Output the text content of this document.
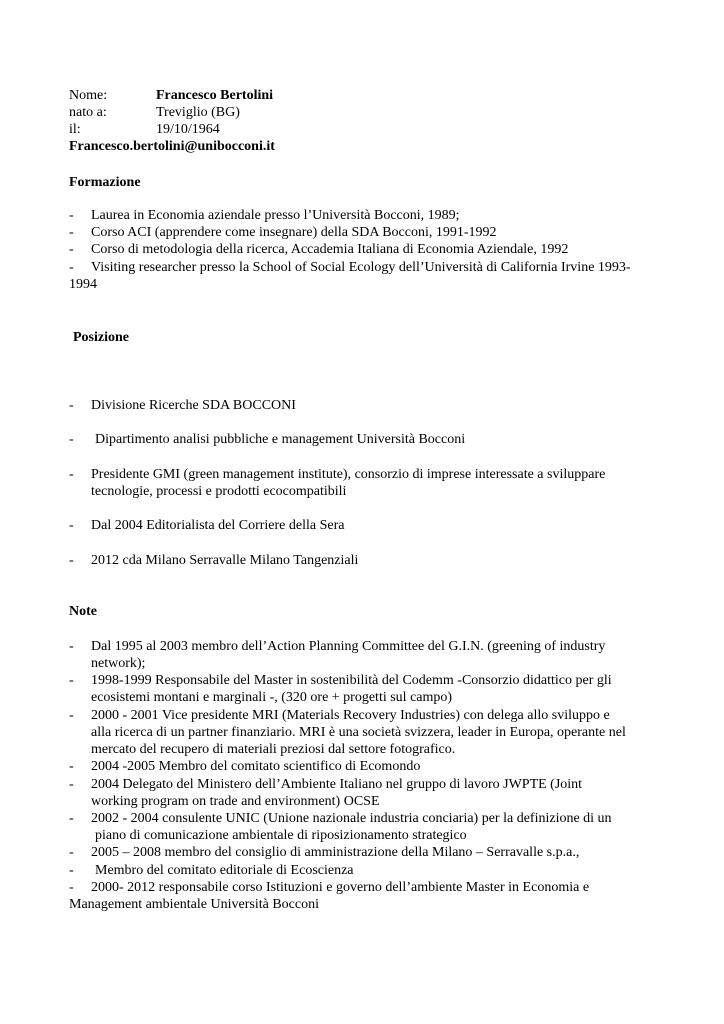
Nome:	Francesco Bertolini
nato a:	Treviglio (BG)
il:	19/10/1964
Francesco.bertolini@unibocconi.it
Formazione
- Laurea in Economia aziendale presso l’Università Bocconi, 1989;
- Corso ACI (apprendere come insegnare) della SDA Bocconi, 1991-1992
- Corso di metodologia della ricerca, Accademia Italiana di Economia Aziendale, 1992
- Visiting researcher presso la School of Social Ecology dell’Università di California Irvine 1993-
1994
Posizione
- Divisione Ricerche SDA BOCCONI
- Dipartimento analisi pubbliche e management Università Bocconi
- Presidente GMI (green management institute), consorzio di imprese interessate a sviluppare
tecnologie, processi e prodotti ecocompatibili
- Dal 2004 Editorialista del Corriere della Sera
- 2012 cda Milano Serravalle Milano Tangenziali
Note
- Dal 1995 al 2003 membro dell’Action Planning Committee del G.I.N. (greening of industry
network);
- 1998-1999 Responsabile del Master in sostenibilità del Codemm -Consorzio didattico per gli
ecosistemi montani e marginali -, (320 ore + progetti sul campo)
- 2000 - 2001 Vice presidente MRI (Materials Recovery Industries) con delega allo sviluppo e
alla ricerca di un partner finanziario. MRI è una società svizzera, leader in Europa, operante nel
mercato del recupero di materiali preziosi dal settore fotografico.
- 2004 -2005 Membro del comitato scientifico di Ecomondo
- 2004 Delegato del Ministero dell’Ambiente Italiano nel gruppo di lavoro JWPTE (Joint
working program on trade and environment) OCSE
- 2002 - 2004 consulente UNIC (Unione nazionale industria conciaria) per la definizione di un
piano di comunicazione ambientale di riposizionamento strategico
- 2005 – 2008 membro del consiglio di amministrazione della Milano – Serravalle s.p.a.,
- Membro del comitato editoriale di Ecoscienza
- 2000- 2012 responsabile corso Istituzioni e governo dell’ambiente Master in Economia e
Management ambientale Università Bocconi
